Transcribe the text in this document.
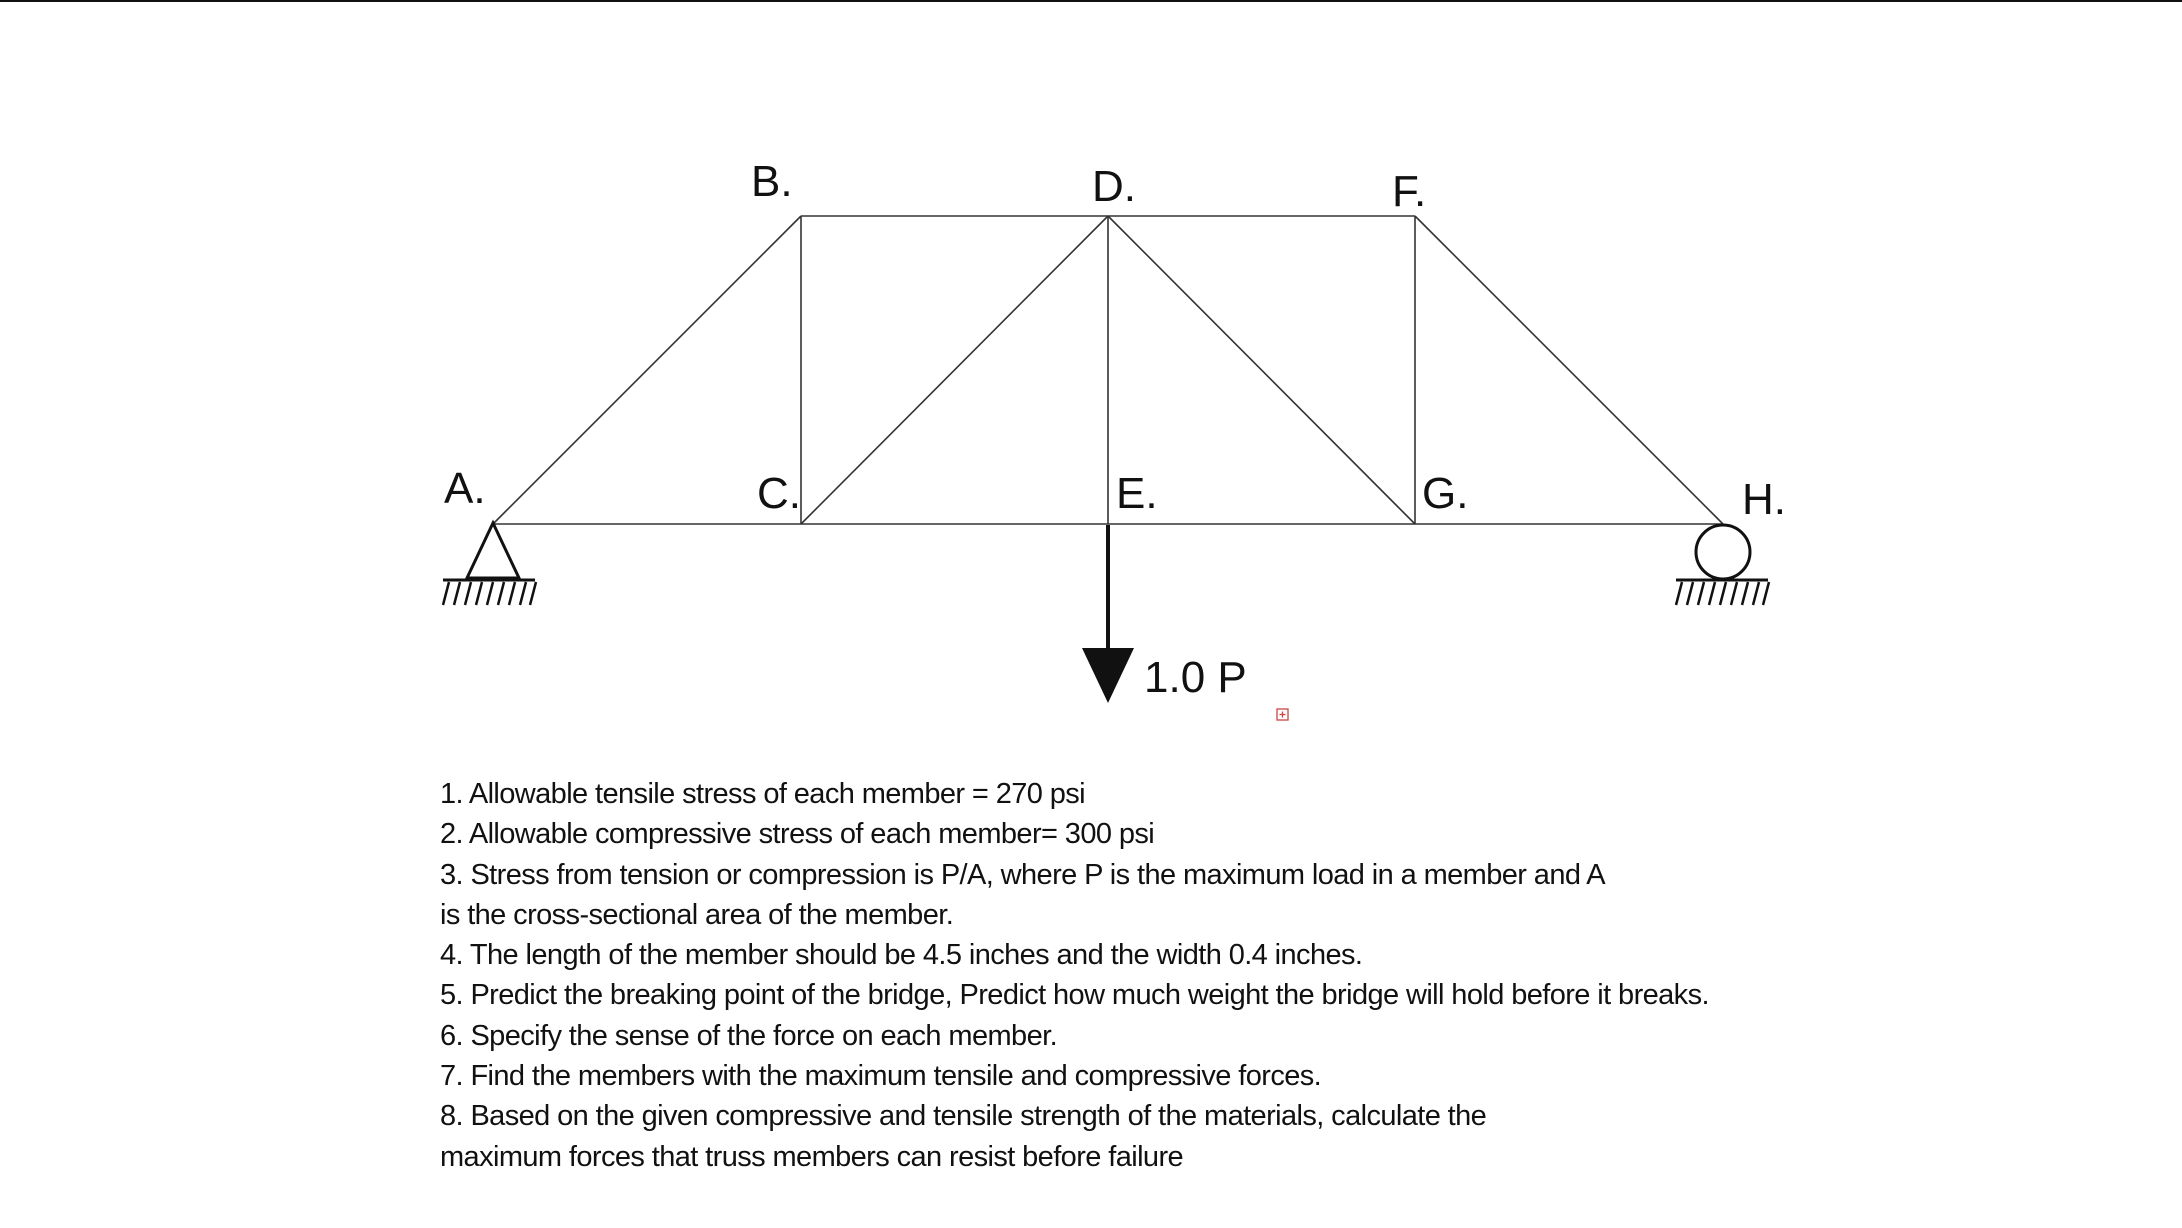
1.0 P
A.
B.
C.
D.
E.
F.
G.	H.
1. Allowable tensile stress of each member = 270 psi
2. Allowable compressive stress of each member= 300 psi
3. Stress from tension or compression is P/A, where P is the maximum load in a member and A
is the cross-sectional area of the member.
4. The length of the member should be 4.5 inches and the width 0.4 inches.
5. Predict the breaking point of the bridge, Predict how much weight the bridge will hold before it breaks.
6. Specify the sense of the force on each member.
7. Find the members with the maximum tensile and compressive forces.
8. Based on the given compressive and tensile strength of the materials, calculate the
maximum forces that truss members can resist before failure
